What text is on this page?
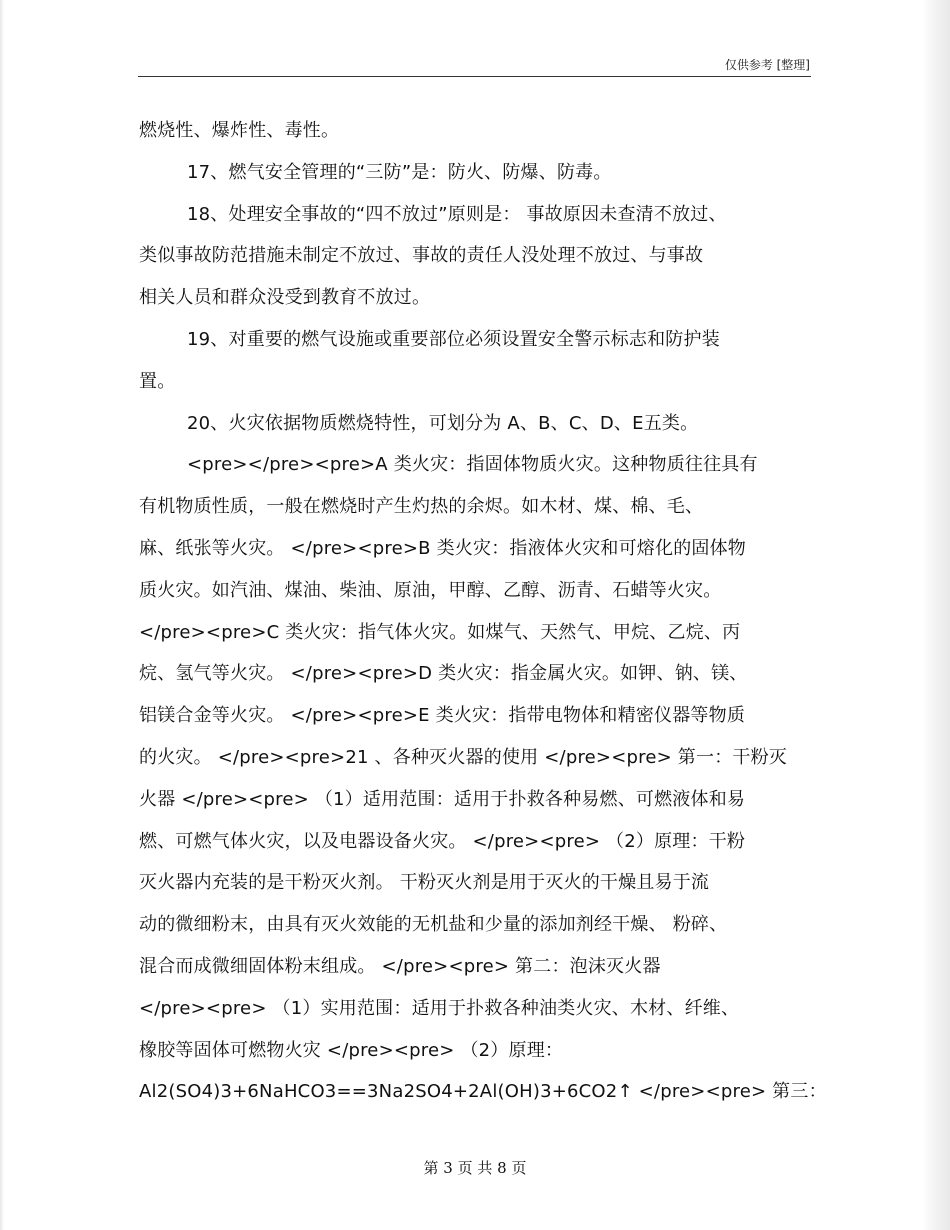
仅供参考 [整理]
燃烧性、爆炸性、毒性。
17、燃气安全管理的“三防”是：防火、防爆、防毒。
18、处理安全事故的“四不放过”原则是： 事故原因未查清不放过、
类似事故防范措施未制定不放过、事故的责任人没处理不放过、与事故
相关人员和群众没受到教育不放过。
19、对重要的燃气设施或重要部位必须设置安全警示标志和防护装
置。
20、火灾依据物质燃烧特性，可划分为 A、B、C、D、E五类。
<pre></pre><pre>A 类火灾：指固体物质火灾。这种物质往往具有
有机物质性质，一般在燃烧时产生灼热的余烬。如木材、煤、棉、毛、
麻、纸张等火灾。 </pre><pre>B 类火灾：指液体火灾和可熔化的固体物
质火灾。如汽油、煤油、柴油、原油，甲醇、乙醇、沥青、石蜡等火灾。
</pre><pre>C 类火灾：指气体火灾。如煤气、天然气、甲烷、乙烷、丙
烷、氢气等火灾。 </pre><pre>D 类火灾：指金属火灾。如钾、钠、镁、
铝镁合金等火灾。 </pre><pre>E 类火灾：指带电物体和精密仪器等物质
的火灾。 </pre><pre>21 、各种灭火器的使用 </pre><pre> 第一：干粉灭
火器 </pre><pre> （1）适用范围：适用于扑救各种易燃、可燃液体和易
燃、可燃气体火灾，以及电器设备火灾。 </pre><pre> （2）原理：干粉
灭火器内充装的是干粉灭火剂。 干粉灭火剂是用于灭火的干燥且易于流
动的微细粉末，由具有灭火效能的无机盐和少量的添加剂经干燥、 粉碎、
混合而成微细固体粉末组成。 </pre><pre> 第二：泡沫灭火器
</pre><pre> （1）实用范围：适用于扑救各种油类火灾、木材、纤维、
橡胶等固体可燃物火灾 </pre><pre> （2）原理：
Al2(SO4)3+6NaHCO3==3Na2SO4+2Al(OH)3+6CO2↑ </pre><pre> 第三：
第 3 页 共 8 页
